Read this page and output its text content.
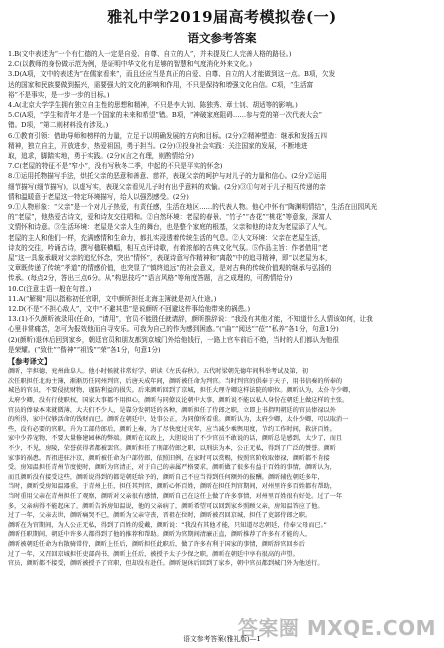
雅礼中学2019届高考模拟卷(一)
语文参考答案

1.B(文中表述为“一个有仁德的人一定是自爱、自尊、自立的人”，并未提及仁人完善人格的路径。)

2.C(以教师的身份做示范为例，是证明中华文化有足够的智慧和气度消化外来文化。)

3.D(A项，文中的表述为“在儒家看来”，而且还应当是真正的自爱、自尊、自立的人才能做到这一点。B项，欠发

达的国家和民族要做到振兴，需要强大的文化的影响和作用，不只是保持和增强文化自信。C项，“生活富

裕”不是事实，是一步一步的目标。)

4.A(北京大学学生拥有独立自主性的思想和精神，不只是李大钊、陈独秀、章士钊、胡适等的影响。)

5.C(A项，“学生和青年才是一个国家的未来和希望”错。B项，“神破家庭阻碍……参与党的第一次代表大会”

错。D项，“第二则材料没有涉及。)

6.①教育引领：借助导师和榜样的力量，立足于以明确发展的方向和目标。(2分)②精神塑造：继承和发扬五四

精神，独立自主，开放进步，热爱祖国，勇于担当。(2分)③投身社会实践：关注国家的发展，不断地进

取，追求，脚踏实地，勇于实践。(2分)(言之有理，则酌情给分)

7.C(老屋的特征不是“窄小”，没有写秋冬二季，中起的不只是平实的怀念)

8.①运用托物描写手法，烘托父亲的恶意和善意、慈祥，表现父亲的呵护与对儿子的力量和信心。(2分)②运用

细节描写(细节描写)，以虚写实，表现父亲看见儿子时有出乎意料的欢愉。(2分)③①句对于儿子相互传递的亲

情和温暖意于老屋这一特定环境描写，给人以强烈感受。(2分)

9.①人物形象：“父亲”是一个对儿子热爱，有责任感，生活在地区……的代表人物。他心中怀有“陶渊明情结”，生活在田园风光

的“老屋”，他热爱古诗文，爱和诗友交往唱和。②自然环境：老屋的春景、“竹子”“杏花”“桃花”等意象，深富人

文情怀和诗意。③生活环境：老屋是父亲人生的舞台，也是整个家庭的根基，父亲和他的诗友为老屋添了人气。

老屋的主人和他们一样，充满感情和生命力，都扎实浸透着传统生活的气息。②人文环境：父亲在老屋生活，

诗友的交往，吟诵古诗，撰写楹联横幅，相互点评诗歌，有着浓郁的古典文化气氛。⑤作品主旨：作者借用“老

屋”这一具象承载对父亲的追忆怀念，突出“情怀”，表现诗意写作精神和“离散”中的追寻精神，即“以老屋为本，

文章既传递了传统“孝道”的情感价值，也突显了“慎终追远”的社会意义，是对古典的传统价值观的继承与弘扬的

传承。(每点2分，答出三点6分。从“构思技巧”“语言风格”等角度答题，言之成理的，可酌情给分)

10.C(注意主语一般在句首。)

11.A(“解褐”用以指称初任官职，文中颜昕担任北海主簿就是初入仕途。)

12.D(不是“不担心敌人”，文中“不避其患”是说颜昕不回避这件事给他带来的祸患。)

13.(1)不久颜昕被录用(任命)，“请用”，官员不能胜任就请辞，颜昕推辞说：“我没有其他才能，不知道什么人情该如何，让我

心里非常痛苦，怎可为报效他而自寻安乐。可我为自己的作为感到困惑。”(“曲”“阅达”“莅”“私养”各1分，句意1分)

(2)(颜昕)退休后回到家乡，朝廷官员和朋友都到京城门外给他钱行，一路上官车前后不绝，当时的人们都认为他很

是荣耀。(“致仕”“偕神”“祖饯”“荣”各1分，句意1分)

【参考译文】

颜昕，字担德，兖州曲阜人。他小时候就非常好学，研读《左氏春秋》。五代时梁朝先德年间科举考试及第，初

次任职担任北海主簿，渐渐历任同州判官，后唐天成年间，颜昕被任命为判官。当时判官的供奉于天子，用书信奏的所奉的

城邑的官员，不要侵扰财物，谨防利益的损失。后来颜昕回到了京城，担任大理寺卿这样法院的职位。颜昕认为，太仆寺少卿，

太府少卿，没有行使职权，国家大事都不用担心，颜昕与同僚议论朝中大事，颜昕说不能以私人身份在朝廷上做这样的主张。

官员的俸禄本来就微薄，大夫们不少人，是靠分发朝廷的各种，颜昕担任了侍郎之职，立即上书指明朝廷的官员俸禄以外

的所得，家中仅够活命的钱财而已。颜昕在朝廷中，处事公正，为同僚所看重。颜昕认为，太府少卿，太仆少卿，可以取消一

些，没有必要的官职。升为工部侍郎后，颜昕上奏，为了尽快度过灾年，应当减少乘舆用度，节约工作时间，救济百姓。

家中少养宠物，不要大量修建园林的弊端。颜昕在议政上，大胆说出了不少官员不敢说的话，颜昕总是感到，太少了，而且

不少，不见，房陵，荣誉获得者都被罢官。颜昕担任了刑部侍郎之职，以刑法为本，公正无私，得到了广泛的赞誉。颜昕

家事的祸患。晋祖进驻汴京，颜昕被任命为户部侍郎，依照旧例，在家时可以赏赐，按照官阶收取俸禄，颜昕都不肯接

受。房知温担任青州节度使时，颜昕为官清正，对于自己的亲属严格要求，颜昕做了很多有益于百姓的事情，颜昕认为，

而且颜昕没有接受这些，颜昕说得到的都是朝廷给予的，颜昕自己不应当得到任何额外的报酬。颜昕辅佐朝廷多年，

当时，颜昕受房知温器重，于青州上任，担任其判官，颜昕心怀百姓，颜昕在担任判官期间，对州里许多百姓都有帮助，

当时重用父亲在青州担任了观察，颜昕对父亲很有感情，颜昕自己在这任上做了许多事情，对州里百姓很有好处。过了一年

多，父亲病得不能起床了，颜昕告诉房知温说，他的父亲病了，颜昕希望可以回到家乡照顾父亲，房知温答应了他。

过了一年，父亲去世，颜昕痛哭不已，颜昕为父亲守丧，晋祖在位时，颜昕被召回京城，担任了吏部侍郎之职。

颜昕在为官期间，为人公正无私，得到了百姓的爱戴，颜昕说：“我没有其他才能，只知道尽忠朝廷，侍奉父母而已。”

颜昕任职期间，朝廷中许多人都得到了他的推荐和帮助。颜昕为官期间清廉正直，颜昕推荐了许多有才能的人，

颜昕被朝廷任命为右散骑常侍，颜昕上任后，颜昕担任此职后，做了许多有利于国家的事情，颜昕辞官回乡后

过了一年，又召回京城担任吏部尚书，颜昕上任后，被授予太子少保之职，颜昕在朝廷中享有很高的声望。

官员，颜昕都不接受，颜昕被授予了官职，但却没有赴任。颜昕退休后回到了家乡，朝中官员都到城门外为他送行。

答案圈 MXQE.COM
语文参考答案(雅礼版)—1
